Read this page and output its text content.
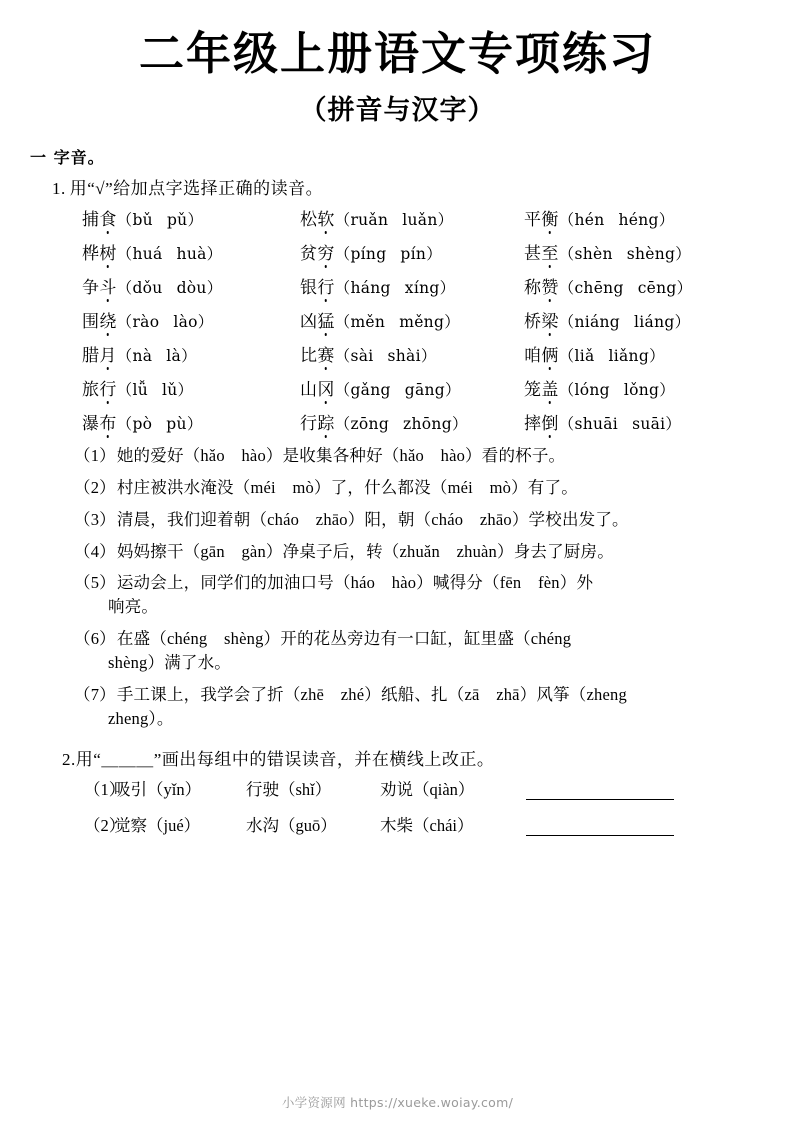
二年级上册语文专项练习
（拼音与汉字）
一 字音。
1. 用“√”给加点字选择正确的读音。
捕食（bǔ pǔ）	松软（ruǎn luǎn）	平衡（hén héng）
桦树（huá huà）	贫穷（píng pín）	甚至（shèn shèng）
争斗（dǒu dòu）	银行（háng xíng）	称赞（chēng cēng）
围绕（rào lào）	凶猛（měn měng）	桥梁（niáng liáng）
腊月（nà là）	比赛（sài shài）	咱俩（liǎ liǎng）
旅行（lǚ lǔ）	山冈（gǎng gāng）	笼盖（lóng lǒng）
瀑布（pò pù）	行踪（zōng zhōng）	摔倒（shuāi suāi）
（1）她的爱好（hǎo　hào）是收集各种好（hǎo　hào）看的杯子。
（2）村庄被洪水淹没（méi　mò）了，什么都没（méi　mò）有了。
（3）清晨，我们迎着朝（cháo　zhāo）阳，朝（cháo　zhāo）学校出发了。
（4）妈妈擦干（gān　gàn）净桌子后，转（zhuǎn　zhuàn）身去了厨房。
（5）运动会上，同学们的加油口号（háo　hào）喊得分（fēn　fèn）外
响亮。
（6）在盛（chéng　shèng）开的花丛旁边有一口缸，缸里盛（chéng
shèng）满了水。
（7）手工课上，我学会了折（zhē　zhé）纸船、扎（zā　zhā）风筝（zheng
zheng）。
2.用“＿＿＿”画出每组中的错误读音，并在横线上改正。
（1）
吸引（yǐn）	行驶（shǐ）	劝说（qiàn）
（2）
觉察（jué）	水沟（guō）	木柴（chái）
小学资源网 https://xueke.woiay.com/
